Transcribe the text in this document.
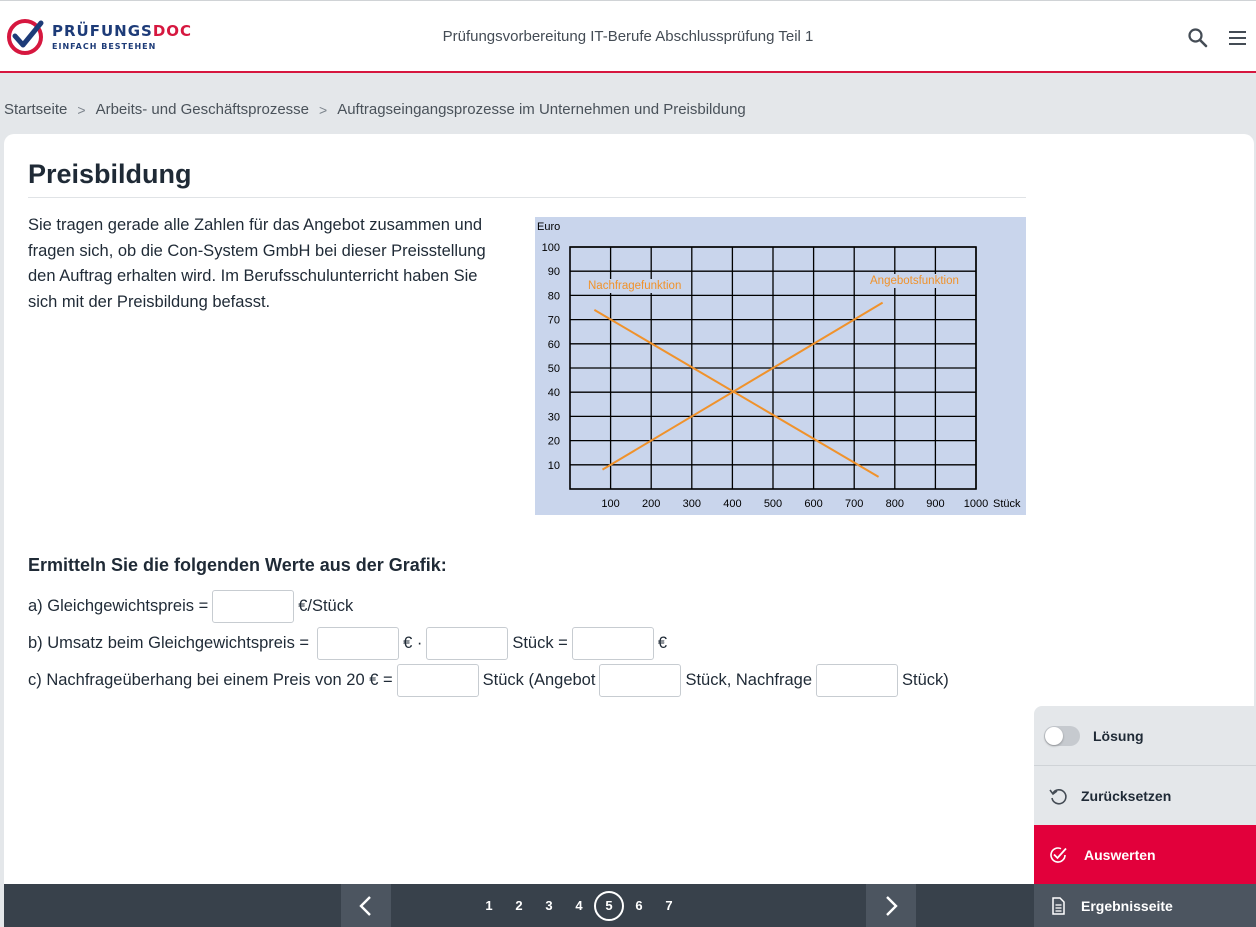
PRÜFUNGSDOC
EINFACH BESTEHEN
Prüfungsvorbereitung IT-Berufe Abschlussprüfung Teil 1
Startseite > Arbeits- und Geschäftsprozesse > Auftragseingangsprozesse im Unternehmen und Preisbildung
Preisbildung

Sie tragen gerade alle Zahlen für das Angebot zusammen und fragen sich, ob die Con-System GmbH bei dieser Preisstellung den Auftrag erhalten wird. Im Berufsschulunterricht haben Sie sich mit der Preisbildung befasst.

10
20
30
40
50
60
70
80
90
100
100 200 300 400 500 600 700 800 900 1000
Euro
Stück
Nachfragefunktion	Angebotsfunktion
Ermitteln Sie die folgenden Werte aus der Grafik:
a) Gleichgewichtspreis =	€/Stück
b) Umsatz beim Gleichgewichtspreis =	€ ·	Stück =	€
c) Nachfrageüberhang bei einem Preis von 20 € =	Stück (Angebot	Stück, Nachfrage	Stück)
1	2	3	4	5	6	7
Lösung
Zurücksetzen
Auswerten
Ergebnisseite
